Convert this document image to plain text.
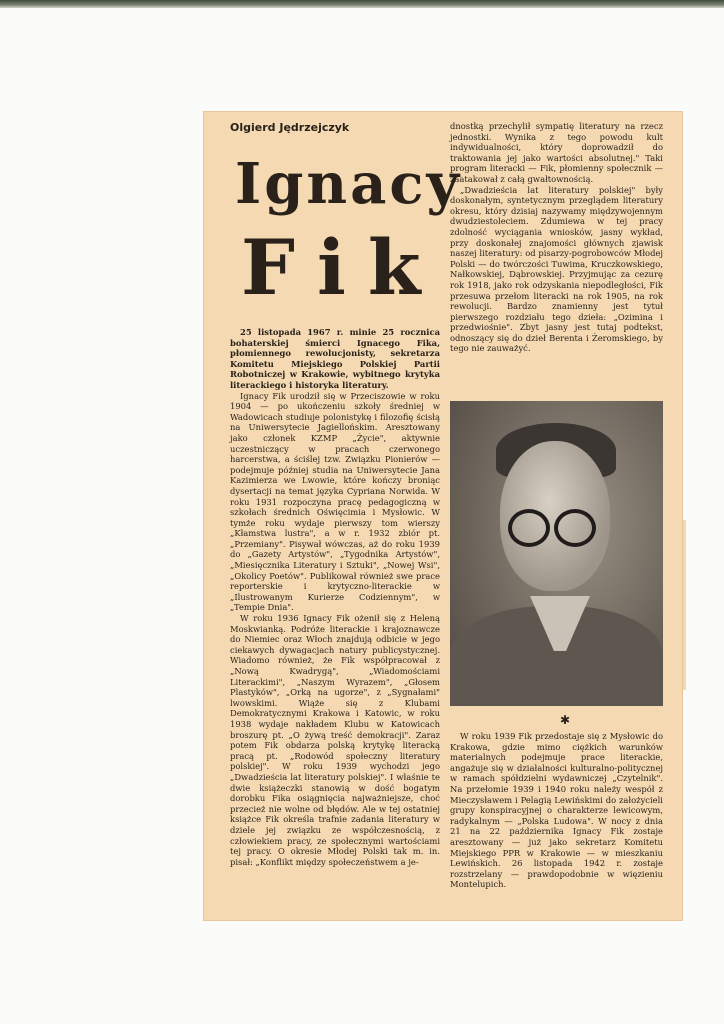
Olgierd Jędrzejczyk
Ignacy
Fik

25 listopada 1967 r. minie 25 rocznica bohaterskiej śmierci Ignacego Fika, płomiennego rewolucjonisty, sekretarza Komitetu Miejskiego Polskiej Partii Robotniczej w Krakowie, wybitnego krytyka literackiego i historyka literatury.

Ignacy Fik urodził się w Przeciszowie w roku 1904 — po ukończeniu szkoły średniej w Wadowicach studiuje polonistykę i filozofię ścisłą na Uniwersytecie Jagiellońskim. Aresztowany jako członek KZMP „Życie", aktywnie uczestniczący w pracach czerwonego harcerstwa, a ściślej tzw. Związku Pionierów — podejmuje później studia na Uniwersytecie Jana Kazimierza we Lwowie, które kończy broniąc dysertacji na temat języka Cypriana Norwida. W roku 1931 rozpoczyna pracę pedagogiczną w szkołach średnich Oświęcimia i Mysłowic. W tymże roku wydaje pierwszy tom wierszy „Kłamstwa lustra", a w r. 1932 zbiór pt. „Przemiany". Pisywał wówczas, aż do roku 1939 do „Gazety Artystów", „Tygodnika Artystów", „Miesięcznika Literatury i Sztuki", „Nowej Wsi", „Okolicy Poetów". Publikował również swe prace reporterskie i krytyczno-literackie w „Ilustrowanym Kurierze Codziennym", w „Tempie Dnia".

W roku 1936 Ignacy Fik ożenił się z Heleną Moskwianką. Podróże literackie i krajoznawcze do Niemiec oraz Włoch znajdują odbicie w jego ciekawych dywagacjach natury publicystycznej. Wiadomo również, że Fik współpracował z „Nową Kwadrygą", „Wiadomościami Literackimi", „Naszym Wyrazem", „Głosem Plastyków", „Orką na ugorze", z „Sygnałami" lwowskimi. Wiąże się z Klubami Demokratycznymi Krakowa i Katowic, w roku 1938 wydaje nakładem Klubu w Katowicach broszurę pt. „O żywą treść demokracji". Zaraz potem Fik obdarza polską krytykę literacką pracą pt. „Rodowód społeczny literatury polskiej". W roku 1939 wychodzi jego „Dwadzieścia lat literatury polskiej". I właśnie te dwie książeczki stanowią w dość bogatym dorobku Fika osiągnięcia najważniejsze, choć przecież nie wolne od błędów. Ale w tej ostatniej książce Fik określa trafnie zadania literatury w dziele jej związku ze współczesnością, z człowiekiem pracy, ze społecznymi wartościami tej pracy. O okresie Młodej Polski tak m. in. pisał: „Konflikt między społeczeństwem a je-

dnostką przechylił sympatię literatury na rzecz jednostki. Wynika z tego powodu kult indywidualności, który doprowadził do traktowania jej jako wartości absolutnej." Taki program literacki — Fik, płomienny społecznik — zaatakował z całą gwałtownością.

„Dwadzieścia lat literatury polskiej" były doskonałym, syntetycznym przeglądem literatury okresu, który dzisiaj nazywamy międzywojennym dwudziestoleciem. Zdumiewa w tej pracy zdolność wyciągania wniosków, jasny wykład, przy doskonałej znajomości głównych zjawisk naszej literatury: od pisarzy-pogrobowców Młodej Polski — do twórczości Tuwima, Kruczkowskiego, Nałkowskiej, Dąbrowskiej. Przyjmując za cezurę rok 1918, jako rok odzyskania niepodległości, Fik przesuwa przełom literacki na rok 1905, na rok rewolucji. Bardzo znamienny jest tytuł pierwszego rozdziału tego dzieła: „Ozimina i przedwiośnie". Zbyt jasny jest tutaj podtekst, odnoszący się do dzieł Berenta i Żeromskiego, by tego nie zauważyć.

✱

W roku 1939 Fik przedostaje się z Mysłowic do Krakowa, gdzie mimo ciężkich warunków materialnych podejmuje prace literackie, angażuje się w działalności kulturalno-politycznej w ramach spółdzielni wydawniczej „Czytelnik". Na przełomie 1939 i 1940 roku należy wespół z Mieczysławem i Pelagią Lewińskimi do założycieli grupy konspiracyjnej o charakterze lewicowym, radykalnym — „Polska Ludowa". W nocy z dnia 21 na 22 października Ignacy Fik zostaje aresztowany — już jako sekretarz Komitetu Miejskiego PPR w Krakowie — w mieszkaniu Lewińskich. 26 listopada 1942 r. zostaje rozstrzelany — prawdopodobnie w więzieniu Montelupich.
